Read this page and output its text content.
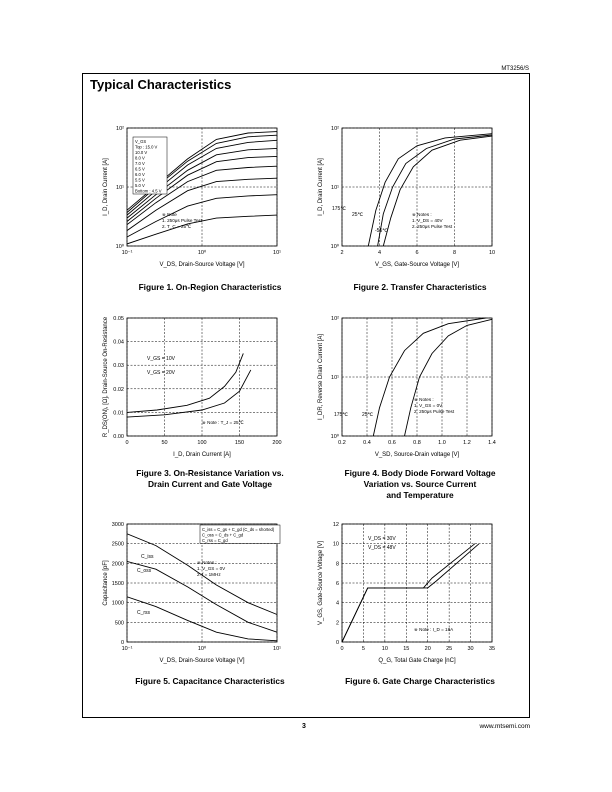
MT3256/S
Typical Characteristics
10⁻¹	10⁰	10¹
10⁰
10¹
10²
V_DS, Drain-Source Voltage [V]
I_D, Drain Current [A]
V_GS
Top : 15.0 V
10.0 V
8.0 V
7.0 V
6.5 V
6.0 V
5.5 V
5.0 V
Bottom : 4.5 V
※ Note
1. 250μs Pulse Test
2. T_C = 25℃
2	4	6	8	10
10⁰
10¹
10²
V_GS, Gate-Source Voltage [V]
I_D, Drain Current [A] 175℃
25℃
-55℃
※ Notes :
1. V_DS = 40V
2. 250μs Pulse Test
0	50	100	150	200
0.00
0.01
0.02
0.03
0.04
0.05
I_D, Drain Current [A]
R_DS(ON), [Ω], Drain-Source On-Resistance	V_GS = 10V
V_GS = 20V
※ Note : T_J = 25℃
0.2	0.4	0.6	0.8	1.0	1.2	1.4
10⁰
10¹
10²
V_SD, Source-Drain voltage [V]
I_DR, Reverse Drain Current [A] 175℃	25℃
※ Notes :
1. V_GS = 0V
2. 250μs Pulse Test
10⁻¹	10⁰	10¹
0
500
1000
1500
2000
2500
3000
V_DS, Drain-Source Voltage [V]
Capacitance [pF]
C_iss
C_oss
C_rss
C_iss = C_gs + C_gd (C_ds = shorted)
C_oss = C_ds + C_gd
C_rss = C_gd
※ Notes :
1. V_GS = 0V
2. f = 1MHz
0	5	10	15	20	25	30	35
0
2
4
6
8
10
12
Q_G, Total Gate Charge [nC]
V_GS, Gate-Source Voltage [V]
V_DS = 30V
V_DS = 48V
※ Note : I_D = 18A
Figure 1. On-Region Characteristics	Figure 2. Transfer Characteristics
Figure 3. On-Resistance Variation vs.
Drain Current and Gate Voltage
Figure 4. Body Diode Forward Voltage
Variation vs. Source Current
and Temperature
Figure 5. Capacitance Characteristics	Figure 6. Gate Charge Characteristics
3	www.mtsemi.com
